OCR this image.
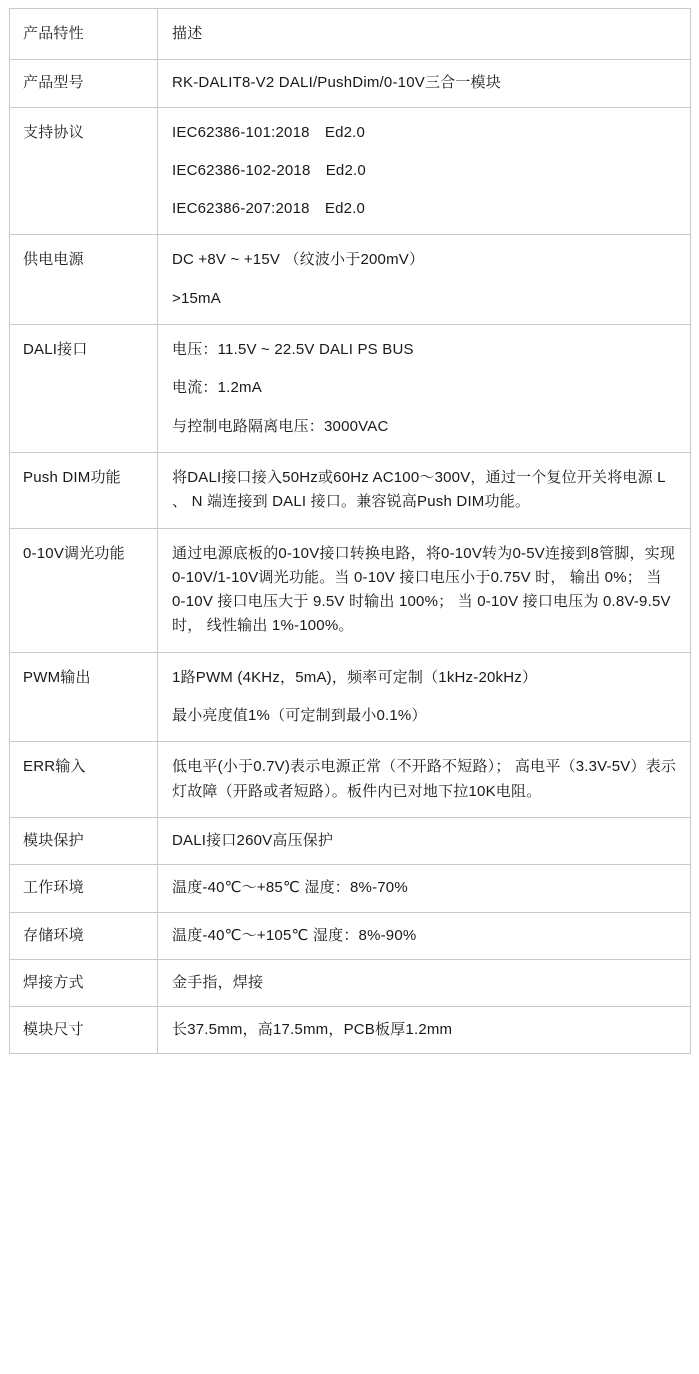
产品特性	描述
产品型号	RK-DALIT8-V2 DALI/PushDim/0-10V三合一模块

支持协议	IEC62386-101:2018　Ed2.0

IEC62386-102-2018　Ed2.0

IEC62386-207:2018　Ed2.0

供电电源	DC +8V ~ +15V （纹波小于200mV）

>15mA

DALI接口	电压：11.5V ~ 22.5V DALI PS BUS

电流：1.2mA

与控制电路隔离电压：3000VAC

Push DIM功能	将DALI接口接入50Hz或60Hz AC100～300V，通过一个复位开关将电源 L 、 N 端连接到 DALI 接口。兼容锐高Push DIM功能。

0-10V调光功能	通过电源底板的0-10V接口转换电路，将0-10V转为0-5V连接到8管脚，实现0-10V/1-10V调光功能。当 0-10V 接口电压小于0.75V 时， 输出 0%； 当 0-10V 接口电压大于 9.5V 时输出 100%； 当 0-10V 接口电压为 0.8V-9.5V 时， 线性输出 1%-100%。

PWM输出	1路PWM (4KHz，5mA)，频率可定制（1kHz-20kHz）

最小亮度值1%（可定制到最小0.1%）

ERR输入	低电平(小于0.7V)表示电源正常（不开路不短路）； 高电平（3.3V-5V）表示灯故障（开路或者短路）。板件内已对地下拉10K电阻。

模块保护	DALI接口260V高压保护

工作环境	温度-40℃～+85℃ 湿度：8%-70%

存储环境	温度-40℃～+105℃ 湿度：8%-90%

焊接方式	金手指，焊接

模块尺寸	长37.5mm，高17.5mm，PCB板厚1.2mm
